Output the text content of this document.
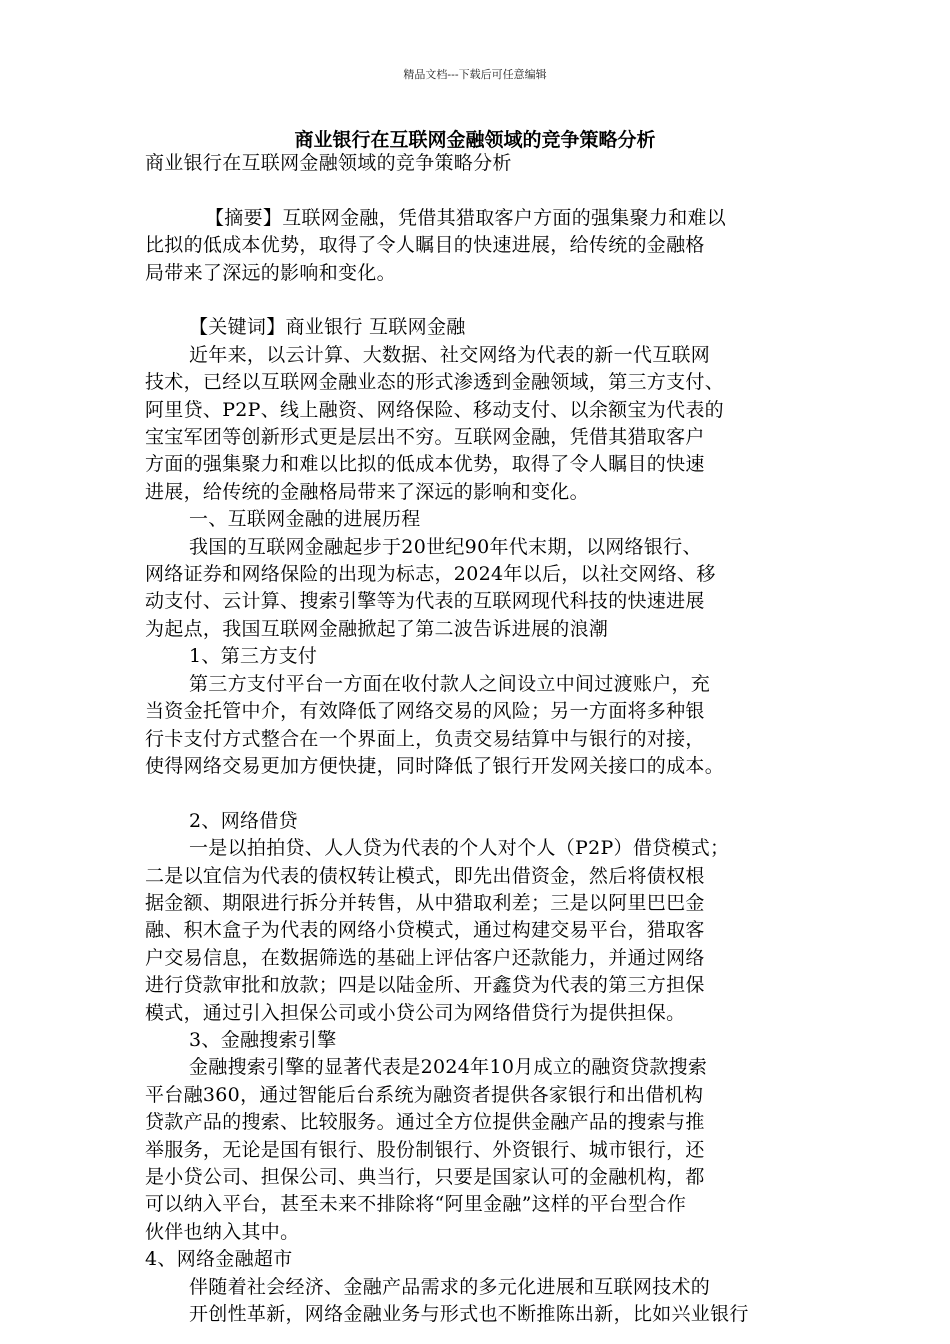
精品文档---下载后可任意编辑
商业银行在互联网金融领域的竞争策略分析

商业银行在互联网金融领域的竞争策略分析

【摘要】互联网金融，凭借其猎取客户方面的强集聚力和难以

比拟的低成本优势，取得了令人瞩目的快速进展，给传统的金融格

局带来了深远的影响和变化。

【关键词】商业银行 互联网金融

近年来，以云计算、大数据、社交网络为代表的新一代互联网

技术，已经以互联网金融业态的形式渗透到金融领域，第三方支付、

阿里贷、P2P、线上融资、网络保险、移动支付、以余额宝为代表的

宝宝军团等创新形式更是层出不穷。互联网金融，凭借其猎取客户

方面的强集聚力和难以比拟的低成本优势，取得了令人瞩目的快速

进展，给传统的金融格局带来了深远的影响和变化。

一、互联网金融的进展历程

我国的互联网金融起步于20世纪90年代末期，以网络银行、

网络证券和网络保险的出现为标志，2024年以后，以社交网络、移

动支付、云计算、搜索引擎等为代表的互联网现代科技的快速进展

为起点，我国互联网金融掀起了第二波告诉进展的浪潮

1、第三方支付

第三方支付平台一方面在收付款人之间设立中间过渡账户，充

当资金托管中介，有效降低了网络交易的风险；另一方面将多种银

行卡支付方式整合在一个界面上，负责交易结算中与银行的对接，

使得网络交易更加方便快捷，同时降低了银行开发网关接口的成本。

2、网络借贷

一是以拍拍贷、人人贷为代表的个人对个人（P2P）借贷模式；

二是以宜信为代表的债权转让模式，即先出借资金，然后将债权根

据金额、期限进行拆分并转售，从中猎取利差；三是以阿里巴巴金

融、积木盒子为代表的网络小贷模式，通过构建交易平台，猎取客

户交易信息，在数据筛选的基础上评估客户还款能力，并通过网络

进行贷款审批和放款；四是以陆金所、开鑫贷为代表的第三方担保

模式，通过引入担保公司或小贷公司为网络借贷行为提供担保。

3、金融搜索引擎

金融搜索引擎的显著代表是2024年10月成立的融资贷款搜索

平台融360，通过智能后台系统为融资者提供各家银行和出借机构

贷款产品的搜索、比较服务。通过全方位提供金融产品的搜索与推

举服务，无论是国有银行、股份制银行、外资银行、城市银行，还

是小贷公司、担保公司、典当行，只要是国家认可的金融机构，都

可以纳入平台，甚至未来不排除将“阿里金融”这样的平台型合作

伙伴也纳入其中。

4、网络金融超市

伴随着社会经济、金融产品需求的多元化进展和互联网技术的

开创性革新，网络金融业务与形式也不断推陈出新，比如兴业银行
